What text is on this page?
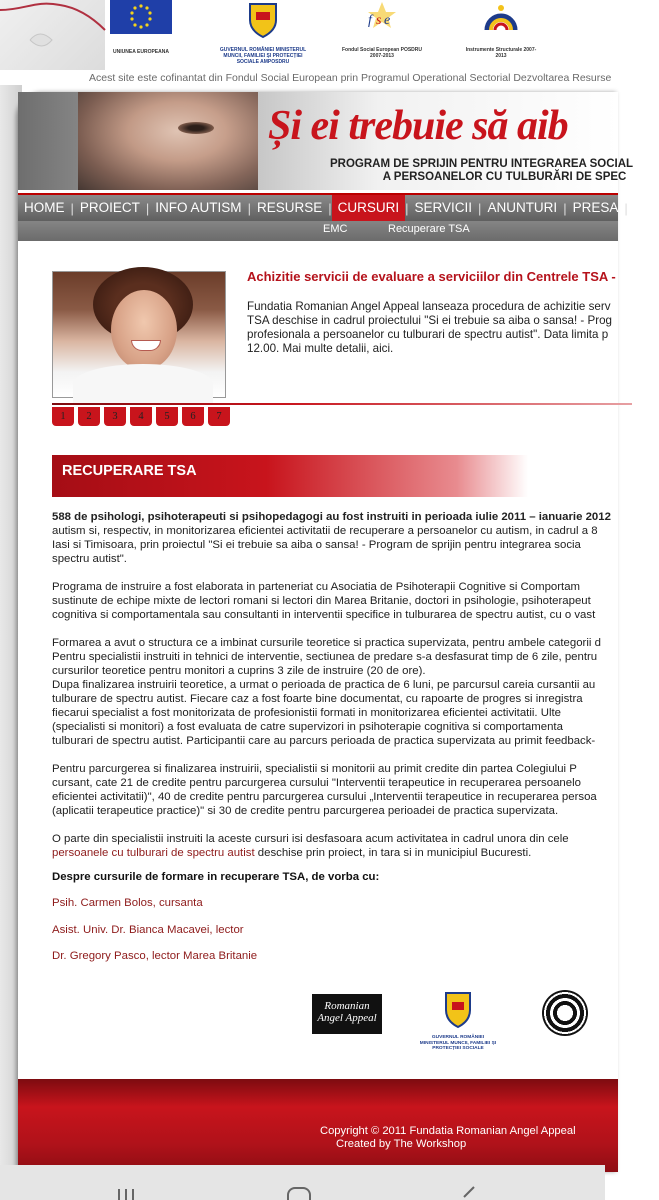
UNIUNEA EUROPEANA	GUVERNUL ROMÂNIEI MINISTERUL MUNCII, FAMILIEI ȘI PROTECȚIEI SOCIALE AMPOSDRU
f s e
Fondul Social European POSDRU 2007-2013
Instrumente Structurale 2007-2013
Acest site este cofinantat din Fondul Social European prin Programul Operational Sectorial Dezvoltarea Resurse
Și ei trebuie să aib
PROGRAM DE SPRIJIN PENTRU INTEGRAREA SOCIAL
A PERSOANELOR CU TULBURĂRI DE SPEC
HOME | PROIECT | INFO AUTISM | RESURSE | CURSURI | SERVICII | ANUNTURI | PRESA | CA
EMC	Recuperare TSA
Achizitie servicii de evaluare a serviciilor din Centrele TSA -
Fundatia Romanian Angel Appeal lanseaza procedura de achizitie serv
TSA deschise in cadrul proiectului "Si ei trebuie sa aiba o sansa! - Prog
profesionala a persoanelor cu tulburari de spectru autist". Data limita p
12.00. Mai multe detalii, aici.
1	2	3	4	5	6	7
RECUPERARE TSA

588 de psihologi, psihoterapeuti si psihopedagogi au fost instruiti in perioada iulie 2011 – ianuarie 2012
autism si, respectiv, in monitorizarea eficientei activitatii de recuperare a persoanelor cu autism, in cadrul a 8
Iasi si Timisoara, prin proiectul "Si ei trebuie sa aiba o sansa! - Program de sprijin pentru integrarea socia
spectru autist".

Programa de instruire a fost elaborata in parteneriat cu Asociatia de Psihoterapii Cognitive si Comportam
sustinute de echipe mixte de lectori romani si lectori din Marea Britanie, doctori in psihologie, psihoterapeut
cognitiva si comportamentala sau consultanti in interventii specifice in tulburarea de spectru autist, cu o vast

Formarea a avut o structura ce a imbinat cursurile teoretice si practica supervizata, pentru ambele categorii d
Pentru specialistii instruiti in tehnici de interventie, sectiunea de predare s-a desfasurat timp de 6 zile, pentru
cursurilor teoretice pentru monitori a cuprins 3 zile de instruire (20 de ore).
Dupa finalizarea instruirii teoretice, a urmat o perioada de practica de 6 luni, pe parcursul careia cursantii au
tulburare de spectru autist. Fiecare caz a fost foarte bine documentat, cu rapoarte de progres si inregistra
fiecarui specialist a fost monitorizata de profesionistii formati in monitorizarea eficientei activitatii. Ulte
(specialisti si monitori) a fost evaluata de catre supervizori in psihoterapie cognitiva si comportamenta
tulburari de spectru autist. Participantii care au parcurs perioada de practica supervizata au primit feedback-

Pentru parcurgerea si finalizarea instruirii, specialistii si monitorii au primit credite din partea Colegiului P
cursant, cate 21 de credite pentru parcurgerea cursului "Interventii terapeutice in recuperarea persoanelo
eficientei activitatii)", 40 de credite pentru parcurgerea cursului „Interventii terapeutice in recuperarea persoa
(aplicatii terapeutice practice)" si 30 de credite pentru parcurgerea perioadei de practica supervizata.

O parte din specialistii instruiti la aceste cursuri isi desfasoara acum activitatea in cadrul unora din cele
persoanele cu tulburari de spectru autist deschise prin proiect, in tara si in municipiul Bucuresti.

Despre cursurile de formare in recuperare TSA, de vorba cu:
Psih. Carmen Bolos, cursanta
Asist. Univ. Dr. Bianca Macavei, lector
Dr. Gregory Pasco, lector Marea Britanie
Romanian Angel Appeal
GUVERNUL ROMÂNIEI MINISTERUL MUNCII, FAMILIEI ȘI PROTECȚIEI SOCIALE
Copyright © 2011 Fundatia Romanian Angel Appeal
Created by The Workshop
